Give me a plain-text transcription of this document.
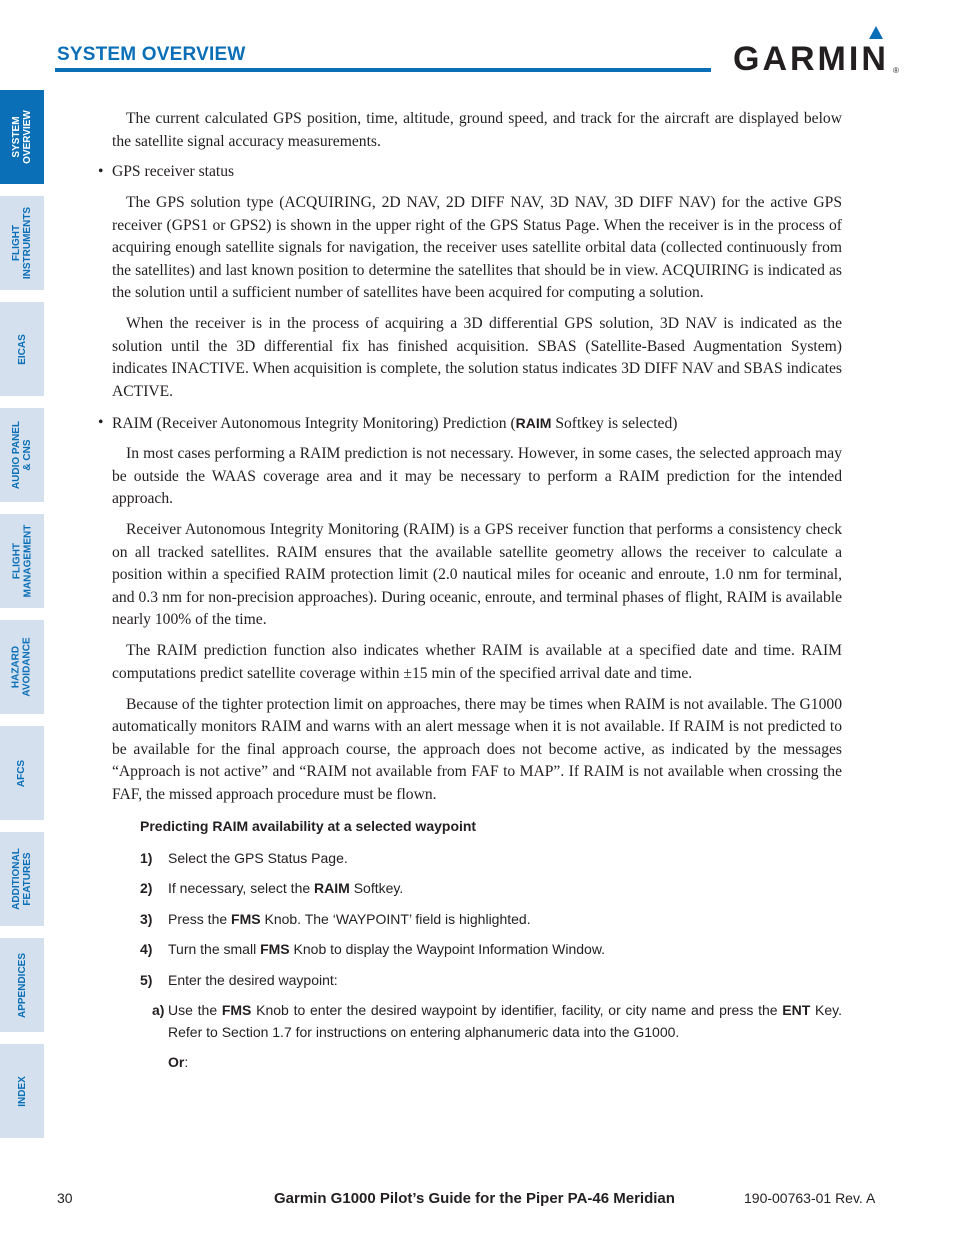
SYSTEM OVERVIEW	GARMIN ®
SYSTEM
OVERVIEW
FLIGHT
INSTRUMENTS
EICAS
AUDIO PANEL
& CNS
FLIGHT
MANAGEMENT
HAZARD
AVOIDANCE
AFCS
ADDITIONAL
FEATURES
APPENDICES
INDEX

The current calculated GPS position, time, altitude, ground speed, and track for the aircraft are displayed below the satellite signal accuracy measurements.

• GPS receiver status

The GPS solution type (ACQUIRING, 2D NAV, 2D DIFF NAV, 3D NAV, 3D DIFF NAV) for the active GPS receiver (GPS1 or GPS2) is shown in the upper right of the GPS Status Page. When the receiver is in the process of acquiring enough satellite signals for navigation, the receiver uses satellite orbital data (collected continuously from the satellites) and last known position to determine the satellites that should be in view. ACQUIRING is indicated as the solution until a sufficient number of satellites have been acquired for computing a solution.

When the receiver is in the process of acquiring a 3D differential GPS solution, 3D NAV is indicated as the solution until the 3D differential fix has finished acquisition. SBAS (Satellite-Based Augmentation System) indicates INACTIVE. When acquisition is complete, the solution status indicates 3D DIFF NAV and SBAS indicates ACTIVE.

• RAIM (Receiver Autonomous Integrity Monitoring) Prediction (RAIM Softkey is selected)

In most cases performing a RAIM prediction is not necessary. However, in some cases, the selected approach may be outside the WAAS coverage area and it may be necessary to perform a RAIM prediction for the intended approach.

Receiver Autonomous Integrity Monitoring (RAIM) is a GPS receiver function that performs a consistency check on all tracked satellites. RAIM ensures that the available satellite geometry allows the receiver to calculate a position within a specified RAIM protection limit (2.0 nautical miles for oceanic and enroute, 1.0 nm for terminal, and 0.3 nm for non-precision approaches). During oceanic, enroute, and terminal phases of flight, RAIM is available nearly 100% of the time.

The RAIM prediction function also indicates whether RAIM is available at a specified date and time. RAIM computations predict satellite coverage within ±15 min of the specified arrival date and time.

Because of the tighter protection limit on approaches, there may be times when RAIM is not available. The G1000 automatically monitors RAIM and warns with an alert message when it is not available. If RAIM is not predicted to be available for the final approach course, the approach does not become active, as indicated by the messages “Approach is not active” and “RAIM not available from FAF to MAP”. If RAIM is not available when crossing the FAF, the missed approach procedure must be flown.

Predicting RAIM availability at a selected waypoint
1) Select the GPS Status Page.
2) If necessary, select the RAIM Softkey.
3) Press the FMS Knob. The ‘WAYPOINT’ field is highlighted.
4) Turn the small FMS Knob to display the Waypoint Information Window.
5) Enter the desired waypoint:
a) Use the FMS Knob to enter the desired waypoint by identifier, facility, or city name and press the ENT Key. Refer to Section 1.7 for instructions on entering alphanumeric data into the G1000.
Or:
30	Garmin G1000 Pilot’s Guide for the Piper PA-46 Meridian	190-00763-01 Rev. A
